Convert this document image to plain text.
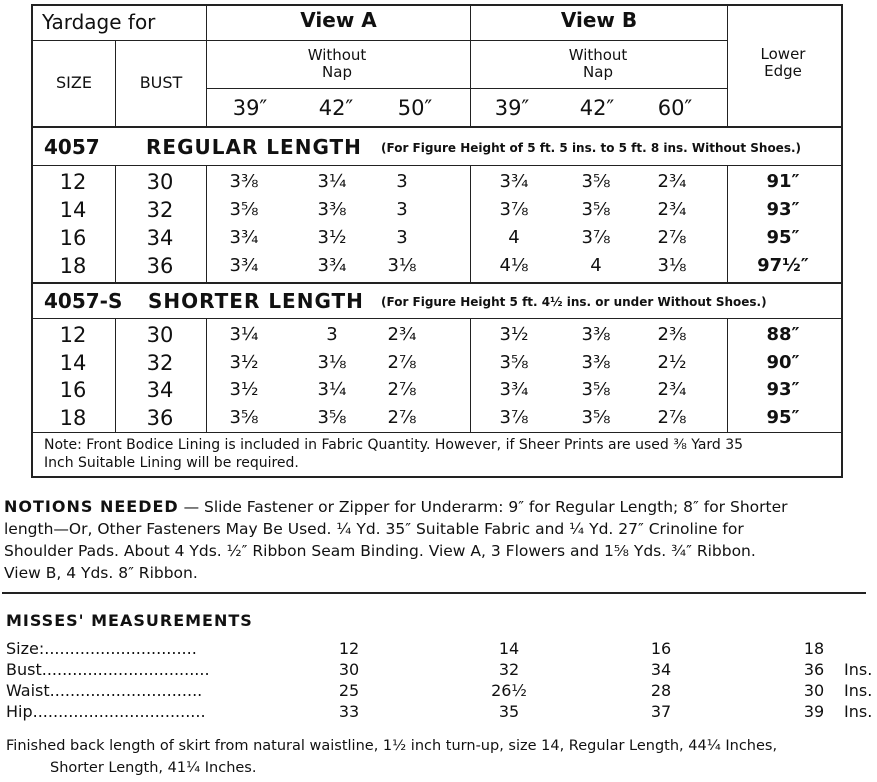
Yardage for	View A	View B
SIZE	BUST
Without Nap
Without Nap
Lower Edge
39″	42″	50″	39″	42″	60″
4057 REGULAR LENGTH (For Figure Height of 5 ft. 5 ins. to 5 ft. 8 ins. Without Shoes.)
12	30	3⅜	3¼	3	3¾	3⅝	2¾	91″
14	32	3⅝	3⅜	3	3⅞	3⅝	2¾	93″
16	34	3¾	3½	3	4	3⅞	2⅞	95″
18	36	3¾	3¾	3⅛	4⅛	4	3⅛	97½″
4057-S SHORTER LENGTH (For Figure Height 5 ft. 4½ ins. or under Without Shoes.)
12	30	3¼	3	2¾	3½	3⅜	2⅜	88″
14	32	3½	3⅛	2⅞	3⅝	3⅜	2½	90″
16	34	3½	3¼	2⅞	3¾	3⅝	2¾	93″
18	36	3⅝	3⅝	2⅞	3⅞	3⅝	2⅞	95″
Note: Front Bodice Lining is included in Fabric Quantity. However, if Sheer Prints are used ⅜ Yard 35
Inch Suitable Lining will be required.
NOTIONS NEEDED — Slide Fastener or Zipper for Underarm: 9″ for Regular Length; 8″ for Shorter
length—Or, Other Fasteners May Be Used. ¼ Yd. 35″ Suitable Fabric and ¼ Yd. 27″ Crinoline for
Shoulder Pads. About 4 Yds. ½″ Ribbon Seam Binding. View A, 3 Flowers and 1⅝ Yds. ¾″ Ribbon.
View B, 4 Yds. 8″ Ribbon.
MISSES' MEASUREMENTS
Size:..............................	12	14	16	18
Bust.................................	30	32	34	36	Ins.
Waist..............................	25	26½	28	30	Ins.
Hip..................................	33	35	37	39	Ins.
Finished back length of skirt from natural waistline, 1½ inch turn-up, size 14, Regular Length, 44¼ Inches,
Shorter Length, 41¼ Inches.
